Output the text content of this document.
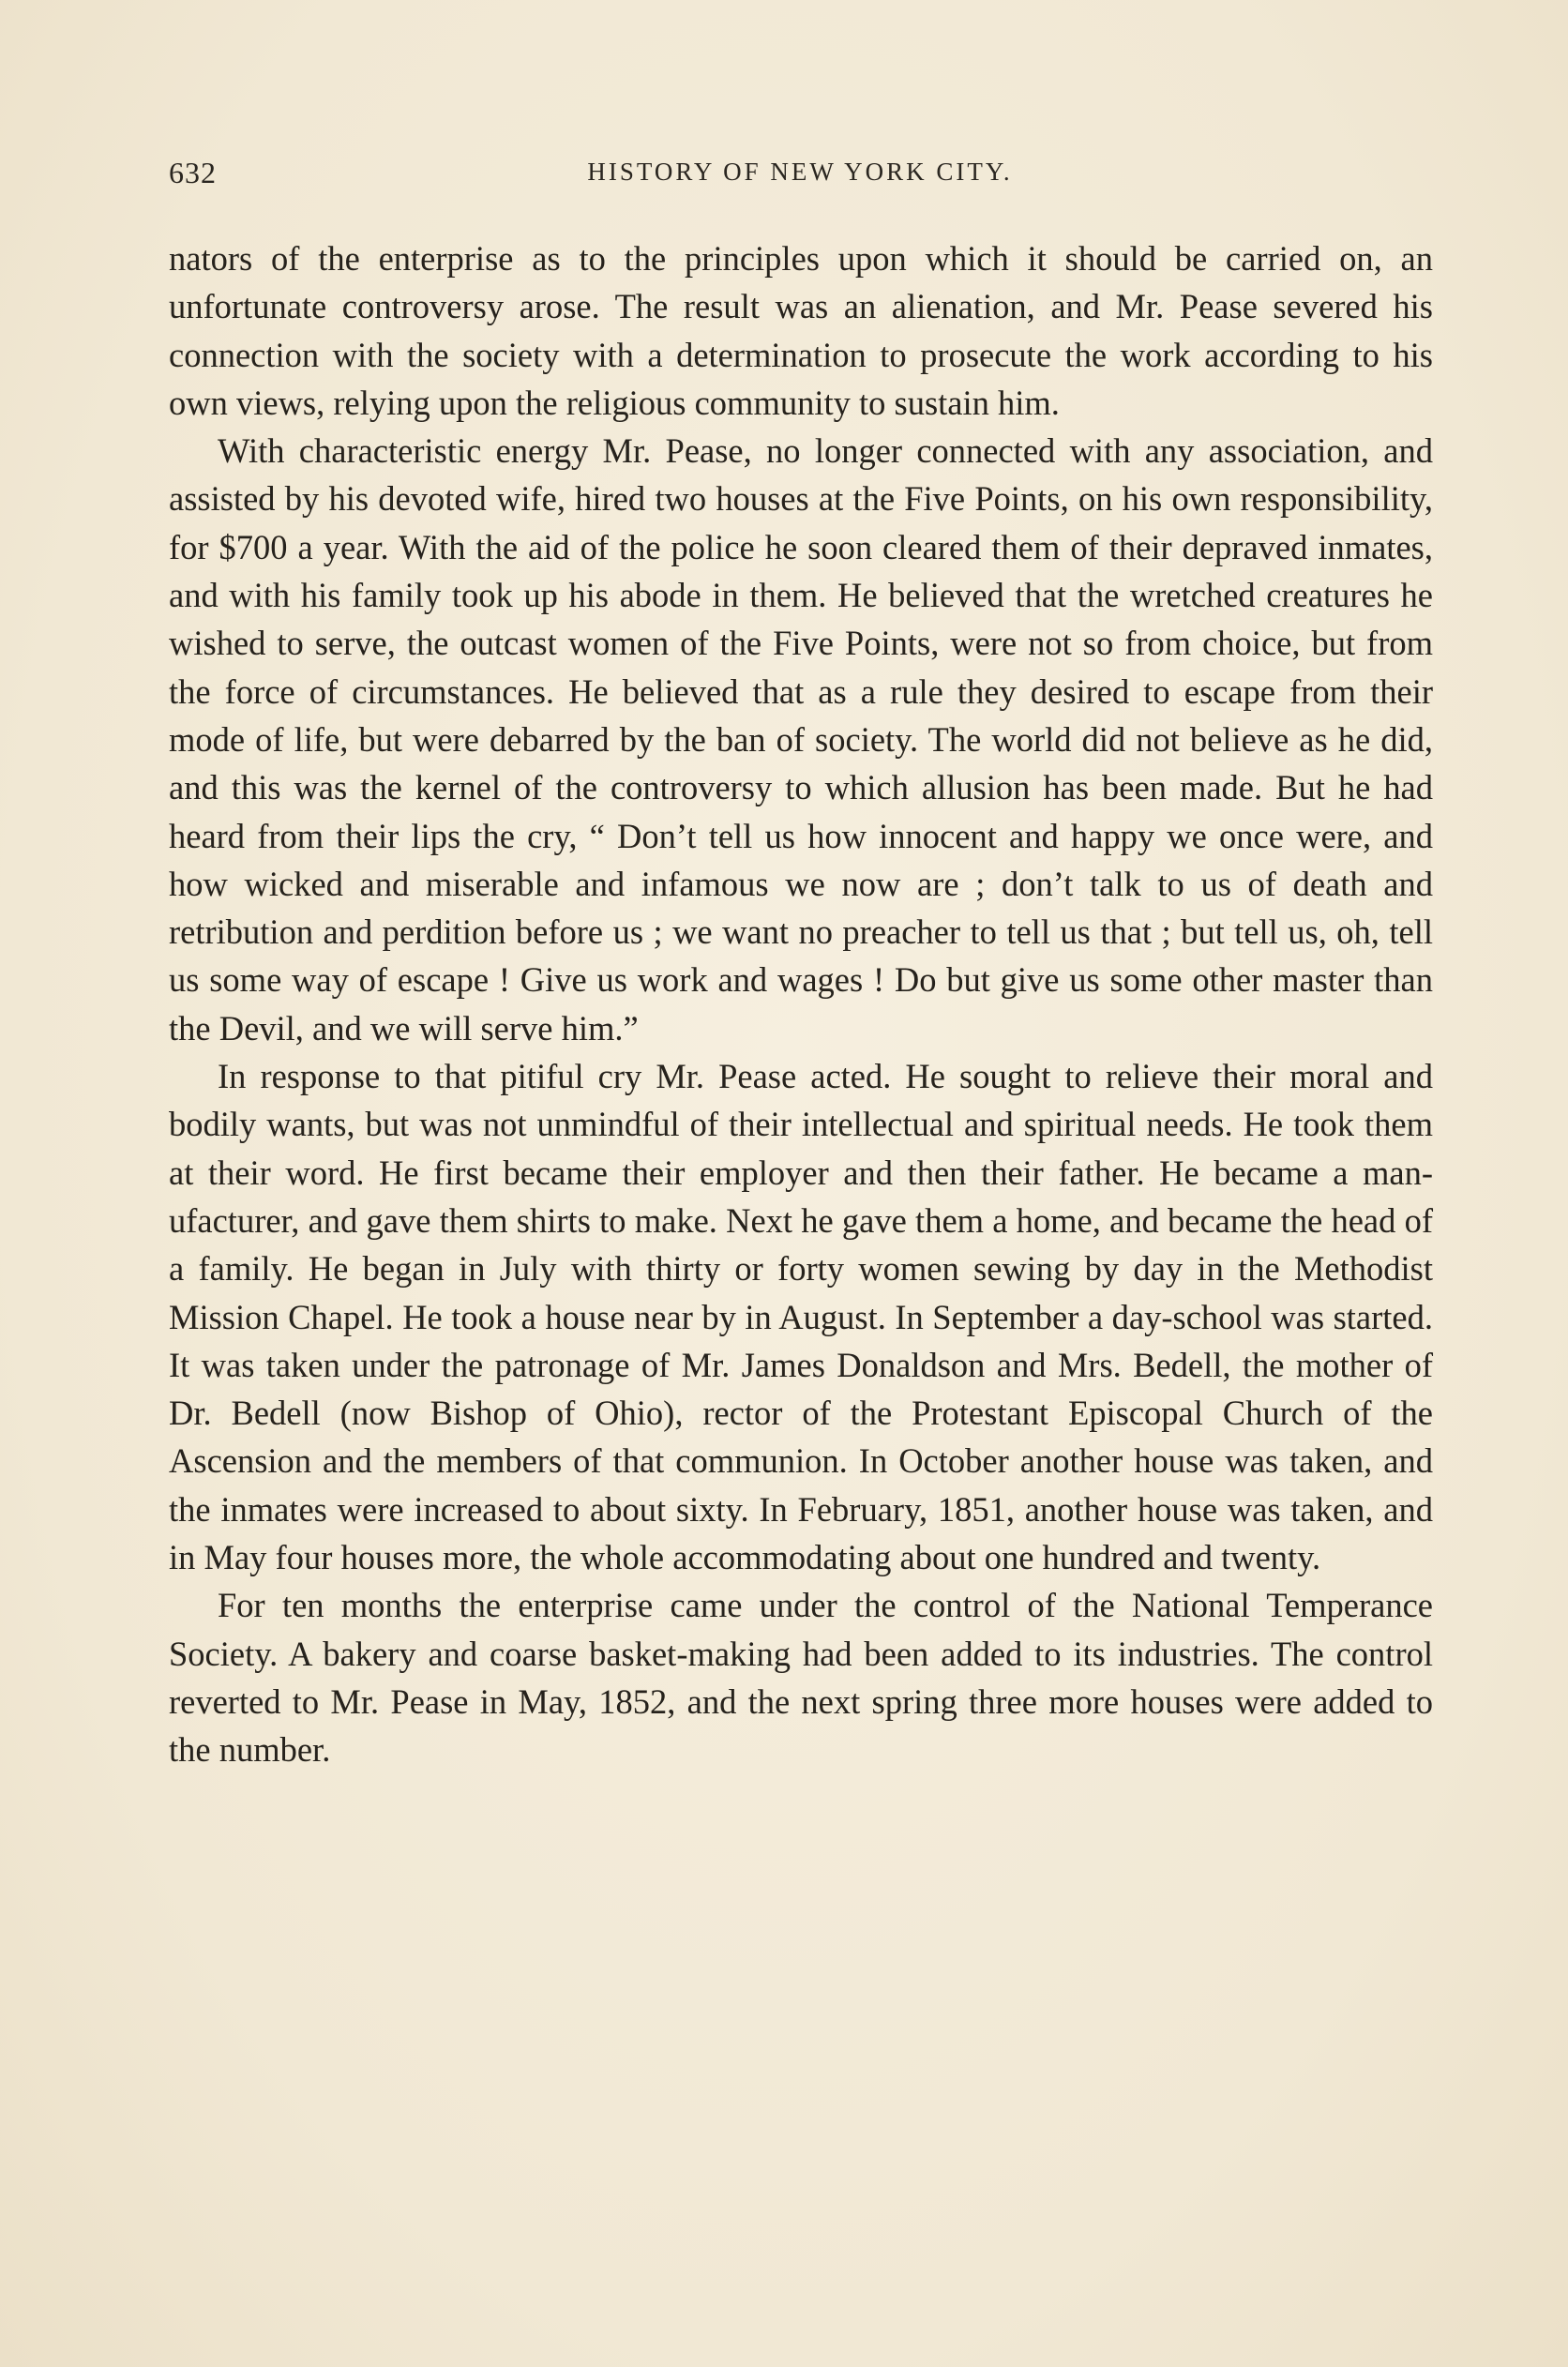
632	HISTORY OF NEW YORK CITY.

nators of the enterprise as to the principles upon which it should be carried on, an unfortunate controversy arose. The result was an alienation, and Mr. Pease severed his connection with the society with a determination to prosecute the work according to his own views, relying upon the religious community to sustain him.

With characteristic energy Mr. Pease, no longer connected with any association, and assisted by his devoted wife, hired two houses at the Five Points, on his own responsibility, for $700 a year. With the aid of the police he soon cleared them of their depraved inmates, and with his family took up his abode in them. He believed that the wretched creatures he wished to serve, the outcast women of the Five Points, were not so from choice, but from the force of circumstances. He believed that as a rule they desired to escape from their mode of life, but were debarred by the ban of society. The world did not believe as he did, and this was the kernel of the controversy to which allusion has been made. But he had heard from their lips the cry, “ Don’t tell us how innocent and happy we once were, and how wicked and miserable and infamous we now are ; don’t talk to us of death and retribution and perdition before us ; we want no preacher to tell us that ; but tell us, oh, tell us some way of escape ! Give us work and wages ! Do but give us some other master than the Devil, and we will serve him.”

In response to that pitiful cry Mr. Pease acted. He sought to relieve their moral and bodily wants, but was not unmindful of their intellectual and spiritual needs. He took them at their word. He first became their employer and then their father. He became a manufacturer, and gave them shirts to make. Next he gave them a home, and became the head of a family. He began in July with thirty or forty women sewing by day in the Methodist Mission Chapel. He took a house near by in August. In September a day-school was started. It was taken under the patronage of Mr. James Donaldson and Mrs. Bedell, the mother of Dr. Bedell (now Bishop of Ohio), rector of the Protestant Episcopal Church of the Ascension and the members of that communion. In October another house was taken, and the inmates were increased to about sixty. In February, 1851, another house was taken, and in May four houses more, the whole accommodating about one hundred and twenty.

For ten months the enterprise came under the control of the National Temperance Society. A bakery and coarse basket-making had been added to its industries. The control reverted to Mr. Pease in May, 1852, and the next spring three more houses were added to the number.
